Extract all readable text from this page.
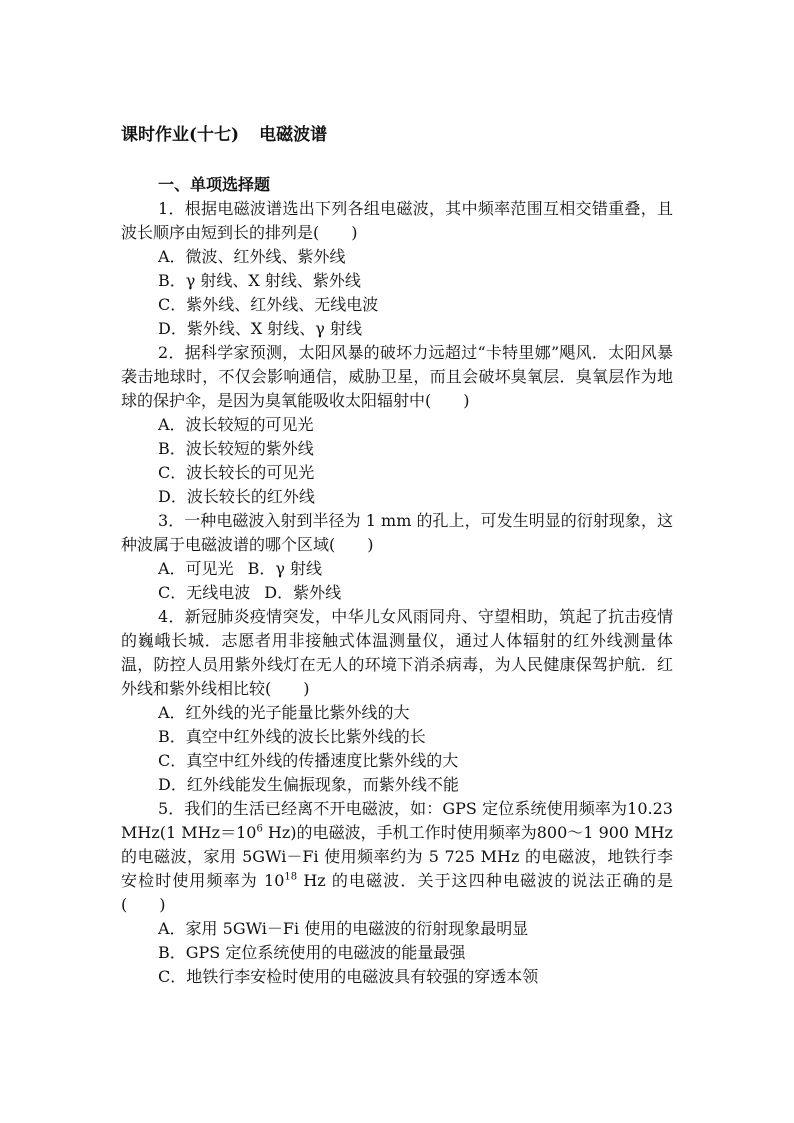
课时作业(十七) 电磁波谱
一、单项选择题

1．根据电磁波谱选出下列各组电磁波，其中频率范围互相交错重叠，且波长顺序由短到长的排列是(　　)

A．微波、红外线、紫外线

B．γ 射线、X 射线、紫外线

C．紫外线、红外线、无线电波

D．紫外线、X 射线、γ 射线

2．据科学家预测，太阳风暴的破坏力远超过“卡特里娜”飓风．太阳风暴袭击地球时，不仅会影响通信，威胁卫星，而且会破坏臭氧层．臭氧层作为地球的保护伞，是因为臭氧能吸收太阳辐射中(　　)

A．波长较短的可见光

B．波长较短的紫外线

C．波长较长的可见光

D．波长较长的红外线

3．一种电磁波入射到半径为 1 mm 的孔上，可发生明显的衍射现象，这种波属于电磁波谱的哪个区域(　　)

A．可见光 B．γ 射线

C．无线电波 D．紫外线

4．新冠肺炎疫情突发，中华儿女风雨同舟、守望相助，筑起了抗击疫情的巍峨长城．志愿者用非接触式体温测量仪，通过人体辐射的红外线测量体温，防控人员用紫外线灯在无人的环境下消杀病毒，为人民健康保驾护航．红外线和紫外线相比较(　　)

A．红外线的光子能量比紫外线的大

B．真空中红外线的波长比紫外线的长

C．真空中红外线的传播速度比紫外线的大

D．红外线能发生偏振现象，而紫外线不能

5．我们的生活已经离不开电磁波，如：GPS 定位系统使用频率为10.23 MHz(1 $MHz=10^6$ Hz)的电磁波，手机工作时使用频率为800～1 900 MHz 的电磁波，家用 5GWi－Fi 使用频率约为 5 725 MHz 的电磁波，地铁行李安检时使用频率为 $10^{18}$ Hz 的电磁波．关于这四种电磁波的说法正确的是(　　)

A．家用 5GWi－Fi 使用的电磁波的衍射现象最明显

B．GPS 定位系统使用的电磁波的能量最强

C．地铁行李安检时使用的电磁波具有较强的穿透本领
